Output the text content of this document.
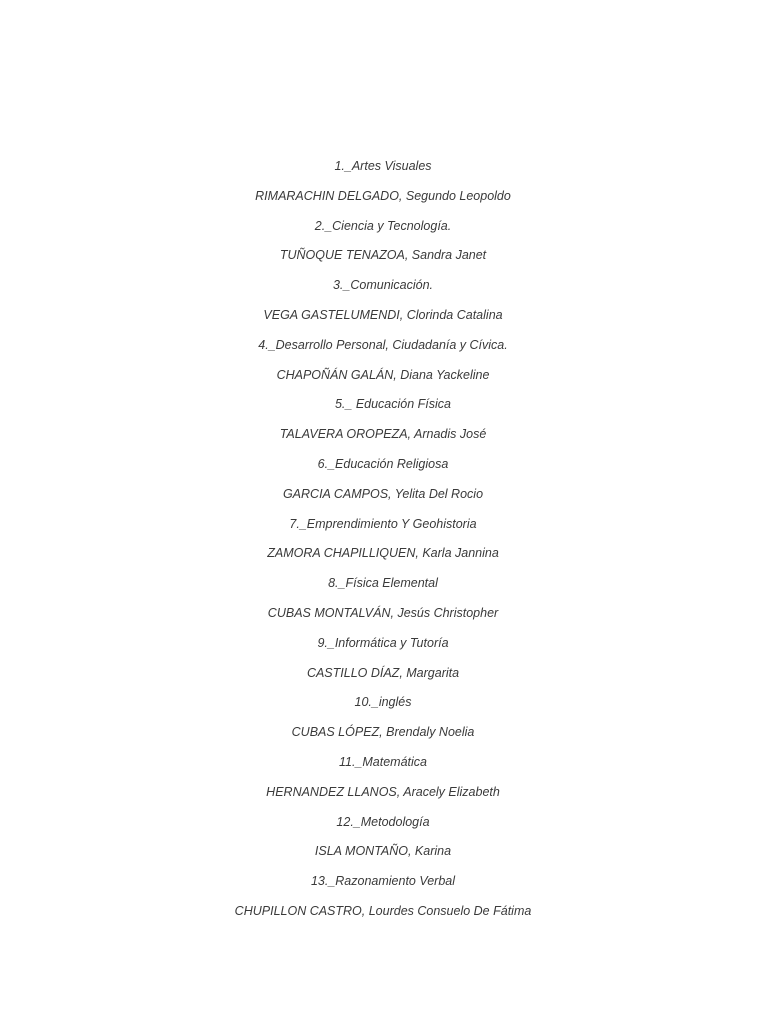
1._Artes Visuales
RIMARACHIN DELGADO, Segundo Leopoldo
2._Ciencia y Tecnología.
TUÑOQUE TENAZOA, Sandra Janet
3._Comunicación.
VEGA GASTELUMENDI, Clorinda Catalina
4._Desarrollo Personal, Ciudadanía y Cívica.
CHAPOÑÁN GALÁN, Diana Yackeline
5._ Educación Física
TALAVERA OROPEZA, Arnadis José
6._Educación Religiosa
GARCIA CAMPOS, Yelita Del Rocio
7._Emprendimiento Y Geohistoria
ZAMORA CHAPILLIQUEN, Karla Jannina
8._Física Elemental
CUBAS MONTALVÁN, Jesús Christopher
9._Informática y Tutoría
CASTILLO DÍAZ, Margarita
10._inglés
CUBAS LÓPEZ, Brendaly Noelia
11._Matemática
HERNANDEZ LLANOS, Aracely Elizabeth
12._Metodología
ISLA MONTAÑO, Karina
13._Razonamiento Verbal
CHUPILLON CASTRO, Lourdes Consuelo De Fátima
